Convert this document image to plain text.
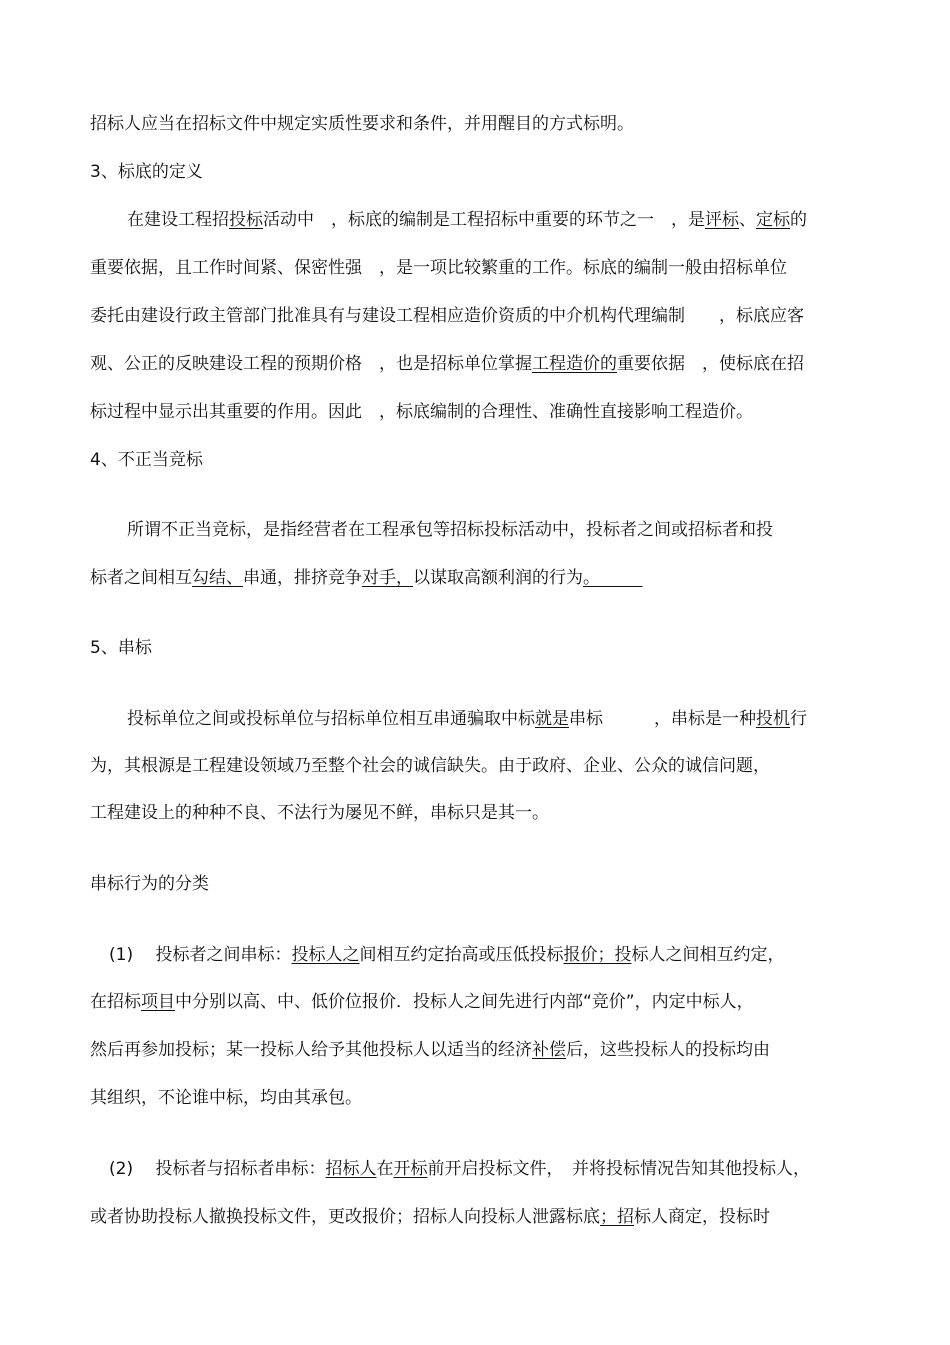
招标人应当在招标文件中规定实质性要求和条件，并用醒目的方式标明。
3、标底的定义
在建设工程招投标活动中　，标底的编制是工程招标中重要的环节之一　，是评标、定标的
重要依据，且工作时间紧、保密性强　，是一项比较繁重的工作。标底的编制一般由招标单位
委托由建设行政主管部门批准具有与建设工程相应造价资质的中介机构代理编制　　，标底应客
观、公正的反映建设工程的预期价格　，也是招标单位掌握工程造价的重要依据　，使标底在招
标过程中显示出其重要的作用。因此　，标底编制的合理性、准确性直接影响工程造价。
4、不正当竞标
所谓不正当竞标，是指经营者在工程承包等招标投标活动中，投标者之间或招标者和投
标者之间相互勾结、串通，排挤竞争对手，以谋取高额利润的行为。　　　
5、串标
投标单位之间或投标单位与招标单位相互串通骗取中标就是串标　　　，串标是一种投机行
为，其根源是工程建设领域乃至整个社会的诚信缺失。由于政府、企业、公众的诚信问题，
工程建设上的种种不良、不法行为屡见不鲜，串标只是其一。
串标行为的分类
(1)　 投标者之间串标：投标人之间相互约定抬高或压低投标报价；投标人之间相互约定，
在招标项目中分别以高、中、低价位报价．投标人之间先进行内部“竞价”，内定中标人，
然后再参加投标；某一投标人给予其他投标人以适当的经济补偿后，这些投标人的投标均由
其组织，不论谁中标，均由其承包。
(2)　 投标者与招标者串标：招标人在开标前开启投标文件，　并将投标情况告知其他投标人，
或者协助投标人撤换投标文件，更改报价；招标人向投标人泄露标底；招标人商定，投标时
